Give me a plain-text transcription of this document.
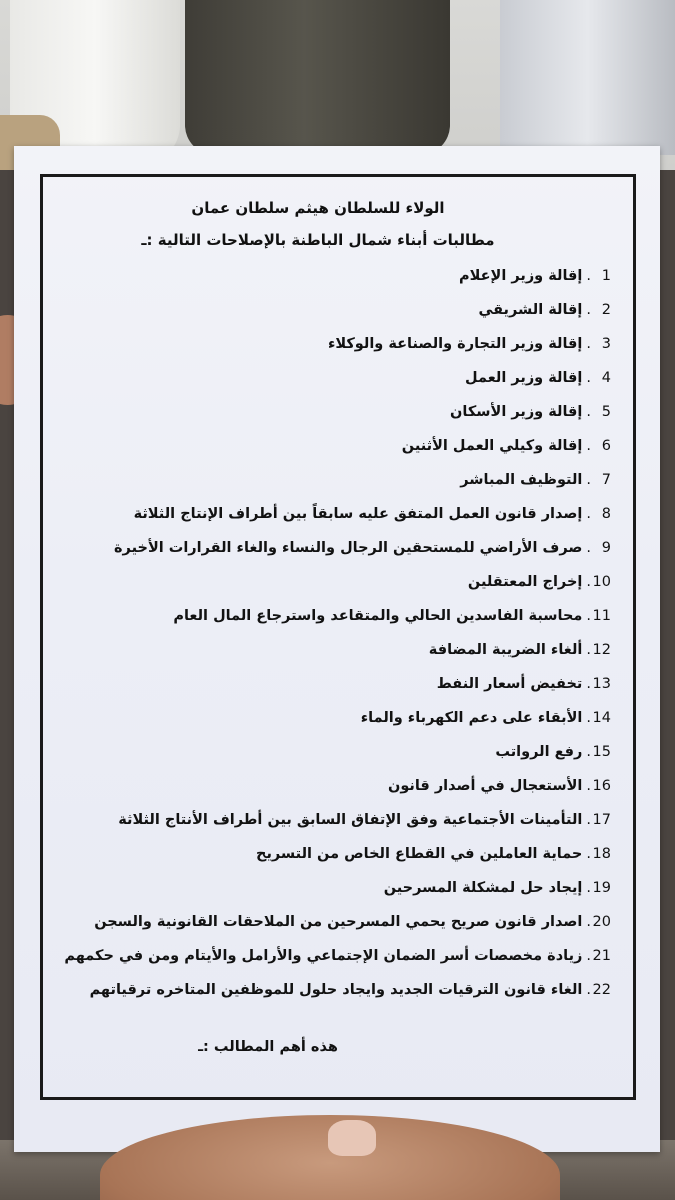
الولاء للسلطان هيثم سلطان عمان
مطالبات أبناء شمال الباطنة بالإصلاحات التالية :ـ
1.إقالة وزير الإعلام
2.إقالة الشريقي
3.إقالة وزير التجارة والصناعة والوكلاء
4.إقالة وزير العمل
5.إقالة وزير الأسكان
6.إقالة وكيلي العمل الأثنين
7.التوظيف المباشر
8.إصدار قانون العمل المتفق عليه سابقاً بين أطراف الإنتاج الثلاثة
9.صرف الأراضي للمستحقين الرجال والنساء والغاء القرارات الأخيرة
10.إخراج المعتقلين
11.محاسبة الفاسدين الحالي والمتقاعد واسترجاع المال العام
12.ألغاء الضريبة المضافة
13.تخفيض أسعار النفط
14.الأبقاء على دعم الكهرباء والماء
15.رفع الرواتب
16.الأستعجال في أصدار قانون
17.التأمينات الأجتماعية وفق الإتفاق السابق بين أطراف الأنتاج الثلاثة
18.حماية العاملين في القطاع الخاص من التسريح
19.إيجاد حل لمشكلة المسرحين
20.اصدار قانون صريح يحمي المسرحين من الملاحقات القانونية والسجن
21.زيادة مخصصات أسر الضمان الإجتماعي والأرامل والأيتام ومن في حكمهم
22.الغاء قانون الترقيات الجديد وايجاد حلول للموظفين المتاخره ترقياتهم
هذه أهم المطالب :ـ
